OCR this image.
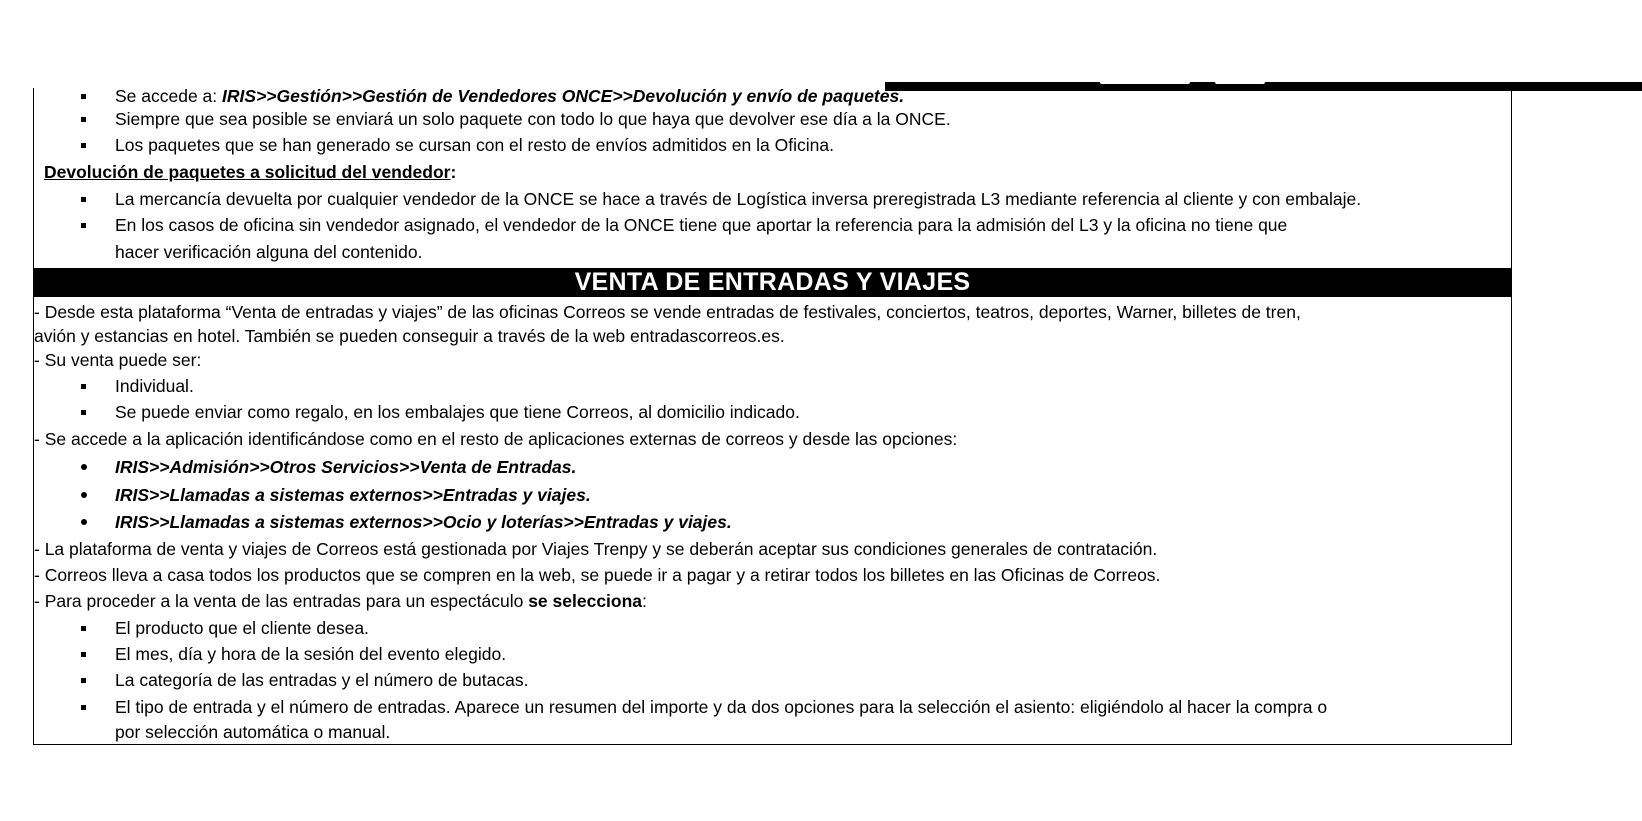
Se accede a: IRIS>>Gestión>>Gestión de Vendedores ONCE>>Devolución y envío de paquetes.
Siempre que sea posible se enviará un solo paquete con todo lo que haya que devolver ese día a la ONCE.
Los paquetes que se han generado se cursan con el resto de envíos admitidos en la Oficina.
Devolución de paquetes a solicitud del vendedor:
La mercancía devuelta por cualquier vendedor de la ONCE se hace a través de Logística inversa preregistrada L3 mediante referencia al cliente y con embalaje.
En los casos de oficina sin vendedor asignado, el vendedor de la ONCE tiene que aportar la referencia para la admisión del L3 y la oficina no tiene que
hacer verificación alguna del contenido.
VENTA DE ENTRADAS Y VIAJES
- Desde esta plataforma “Venta de entradas y viajes” de las oficinas Correos se vende entradas de festivales, conciertos, teatros, deportes, Warner, billetes de tren,
avión y estancias en hotel. También se pueden conseguir a través de la web entradascorreos.es.
- Su venta puede ser:
Individual.
Se puede enviar como regalo, en los embalajes que tiene Correos, al domicilio indicado.
- Se accede a la aplicación identificándose como en el resto de aplicaciones externas de correos y desde las opciones:
IRIS>>Admisión>>Otros Servicios>>Venta de Entradas.
IRIS>>Llamadas a sistemas externos>>Entradas y viajes.
IRIS>>Llamadas a sistemas externos>>Ocio y loterías>>Entradas y viajes.
- La plataforma de venta y viajes de Correos está gestionada por Viajes Trenpy y se deberán aceptar sus condiciones generales de contratación.
- Correos lleva a casa todos los productos que se compren en la web, se puede ir a pagar y a retirar todos los billetes en las Oficinas de Correos.
- Para proceder a la venta de las entradas para un espectáculo se selecciona:
El producto que el cliente desea.
El mes, día y hora de la sesión del evento elegido.
La categoría de las entradas y el número de butacas.
El tipo de entrada y el número de entradas. Aparece un resumen del importe y da dos opciones para la selección el asiento: eligiéndolo al hacer la compra o
por selección automática o manual.
